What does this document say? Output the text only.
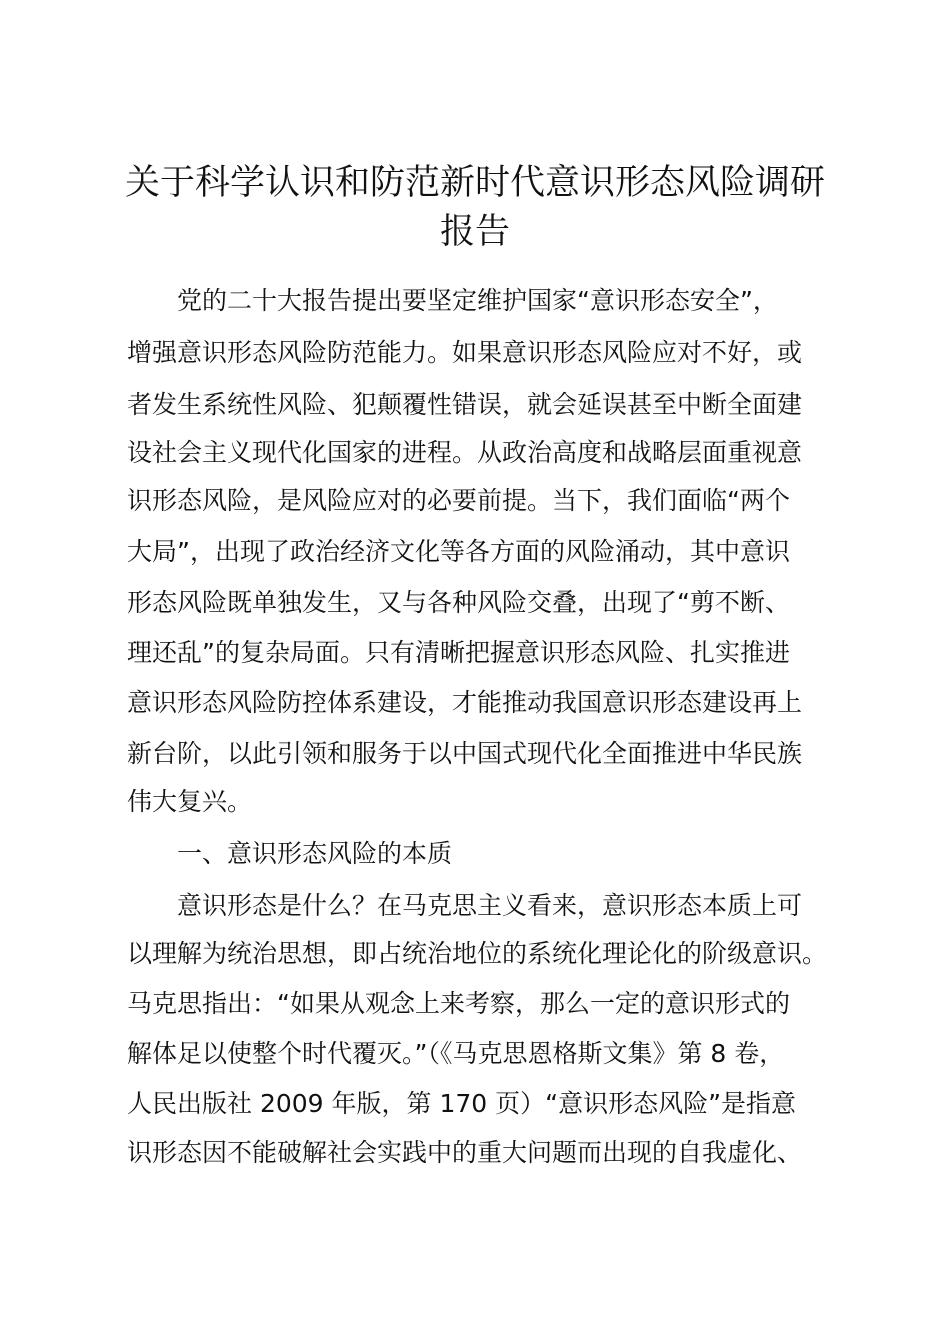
关于科学认识和防范新时代意识形态风险调研
报告
党的二十大报告提出要坚定维护国家“意识形态安全”，
增强意识形态风险防范能力。如果意识形态风险应对不好，或
者发生系统性风险、犯颠覆性错误，就会延误甚至中断全面建
设社会主义现代化国家的进程。从政治高度和战略层面重视意
识形态风险，是风险应对的必要前提。当下，我们面临“两个
大局”，出现了政治经济文化等各方面的风险涌动，其中意识
形态风险既单独发生，又与各种风险交叠，出现了“剪不断、
理还乱”的复杂局面。只有清晰把握意识形态风险、扎实推进
意识形态风险防控体系建设，才能推动我国意识形态建设再上
新台阶，以此引领和服务于以中国式现代化全面推进中华民族
伟大复兴。
一、意识形态风险的本质
意识形态是什么？在马克思主义看来，意识形态本质上可
以理解为统治思想，即占统治地位的系统化理论化的阶级意识。
马克思指出：“如果从观念上来考察，那么一定的意识形式的
解体足以使整个时代覆灭。”（《马克思恩格斯文集》第 8 卷，
人民出版社 2009 年版，第 170 页）“意识形态风险”是指意
识形态因不能破解社会实践中的重大问题而出现的自我虚化、
